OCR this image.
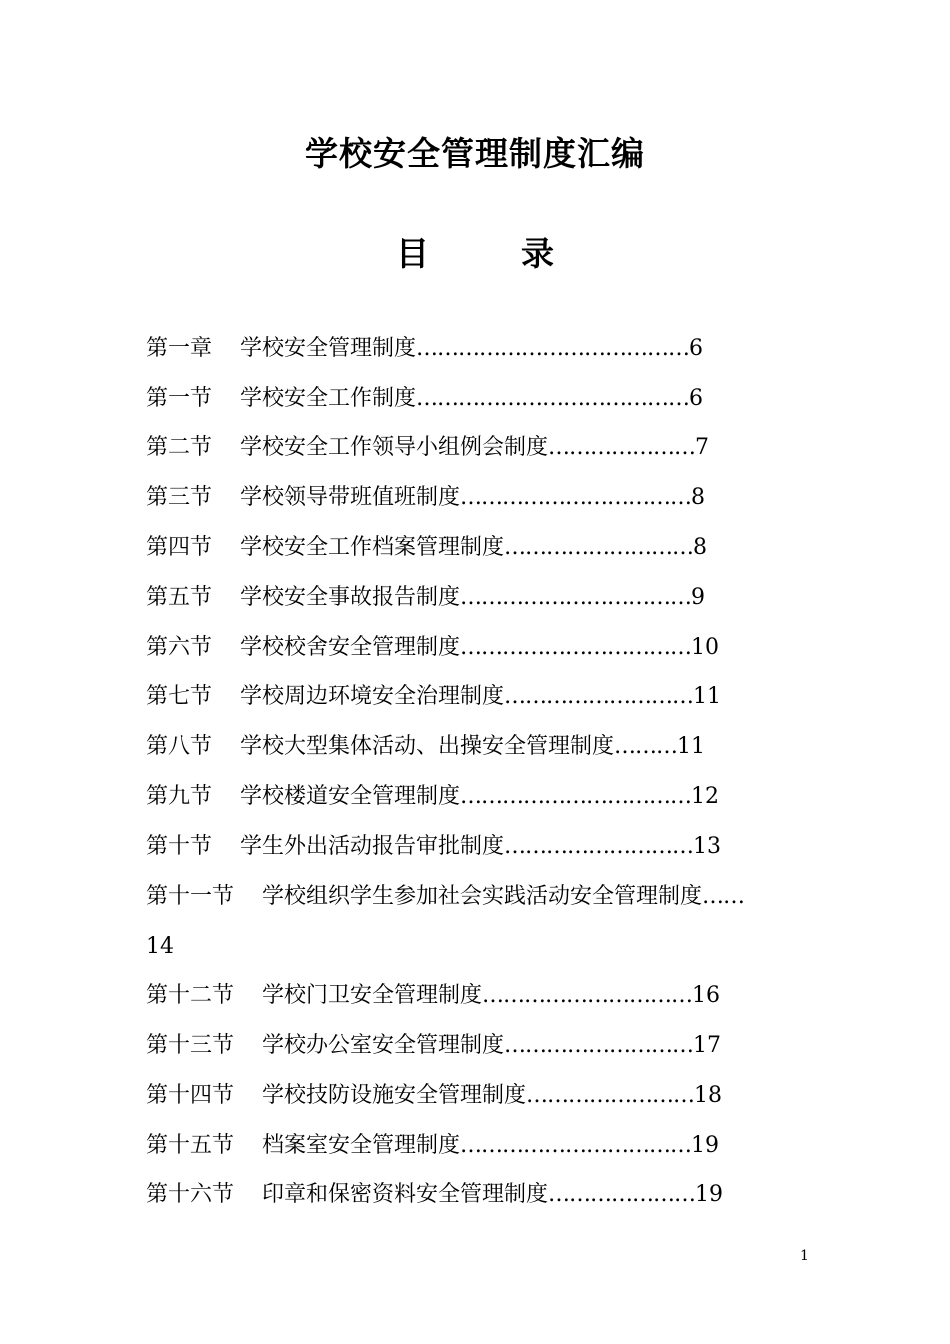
学校安全管理制度汇编
目	录
第一章 学校安全管理制度 ………………………………… 6
第一节 学校安全工作制度 ………………………………… 6
第二节 学校安全工作领导小组例会制度 ………………… 7
第三节 学校领导带班值班制度 …………………………… 8
第四节 学校安全工作档案管理制度 ……………………… 8
第五节 学校安全事故报告制度 …………………………… 9
第六节 学校校舍安全管理制度 …………………………… 10
第七节 学校周边环境安全治理制度 ……………………… 11
第八节 学校大型集体活动、出操安全管理制度 ……… 11
第九节 学校楼道安全管理制度 …………………………… 12
第十节 学生外出活动报告审批制度 ……………………… 13
第十一节 学校组织学生参加社会实践活动安全管理制度 ……
14
第十二节 学校门卫安全管理制度 ………………………… 16
第十三节 学校办公室安全管理制度 ……………………… 17
第十四节 学校技防设施安全管理制度 …………………… 18
第十五节 档案室安全管理制度 …………………………… 19
第十六节 印章和保密资料安全管理制度 ………………… 19
1
